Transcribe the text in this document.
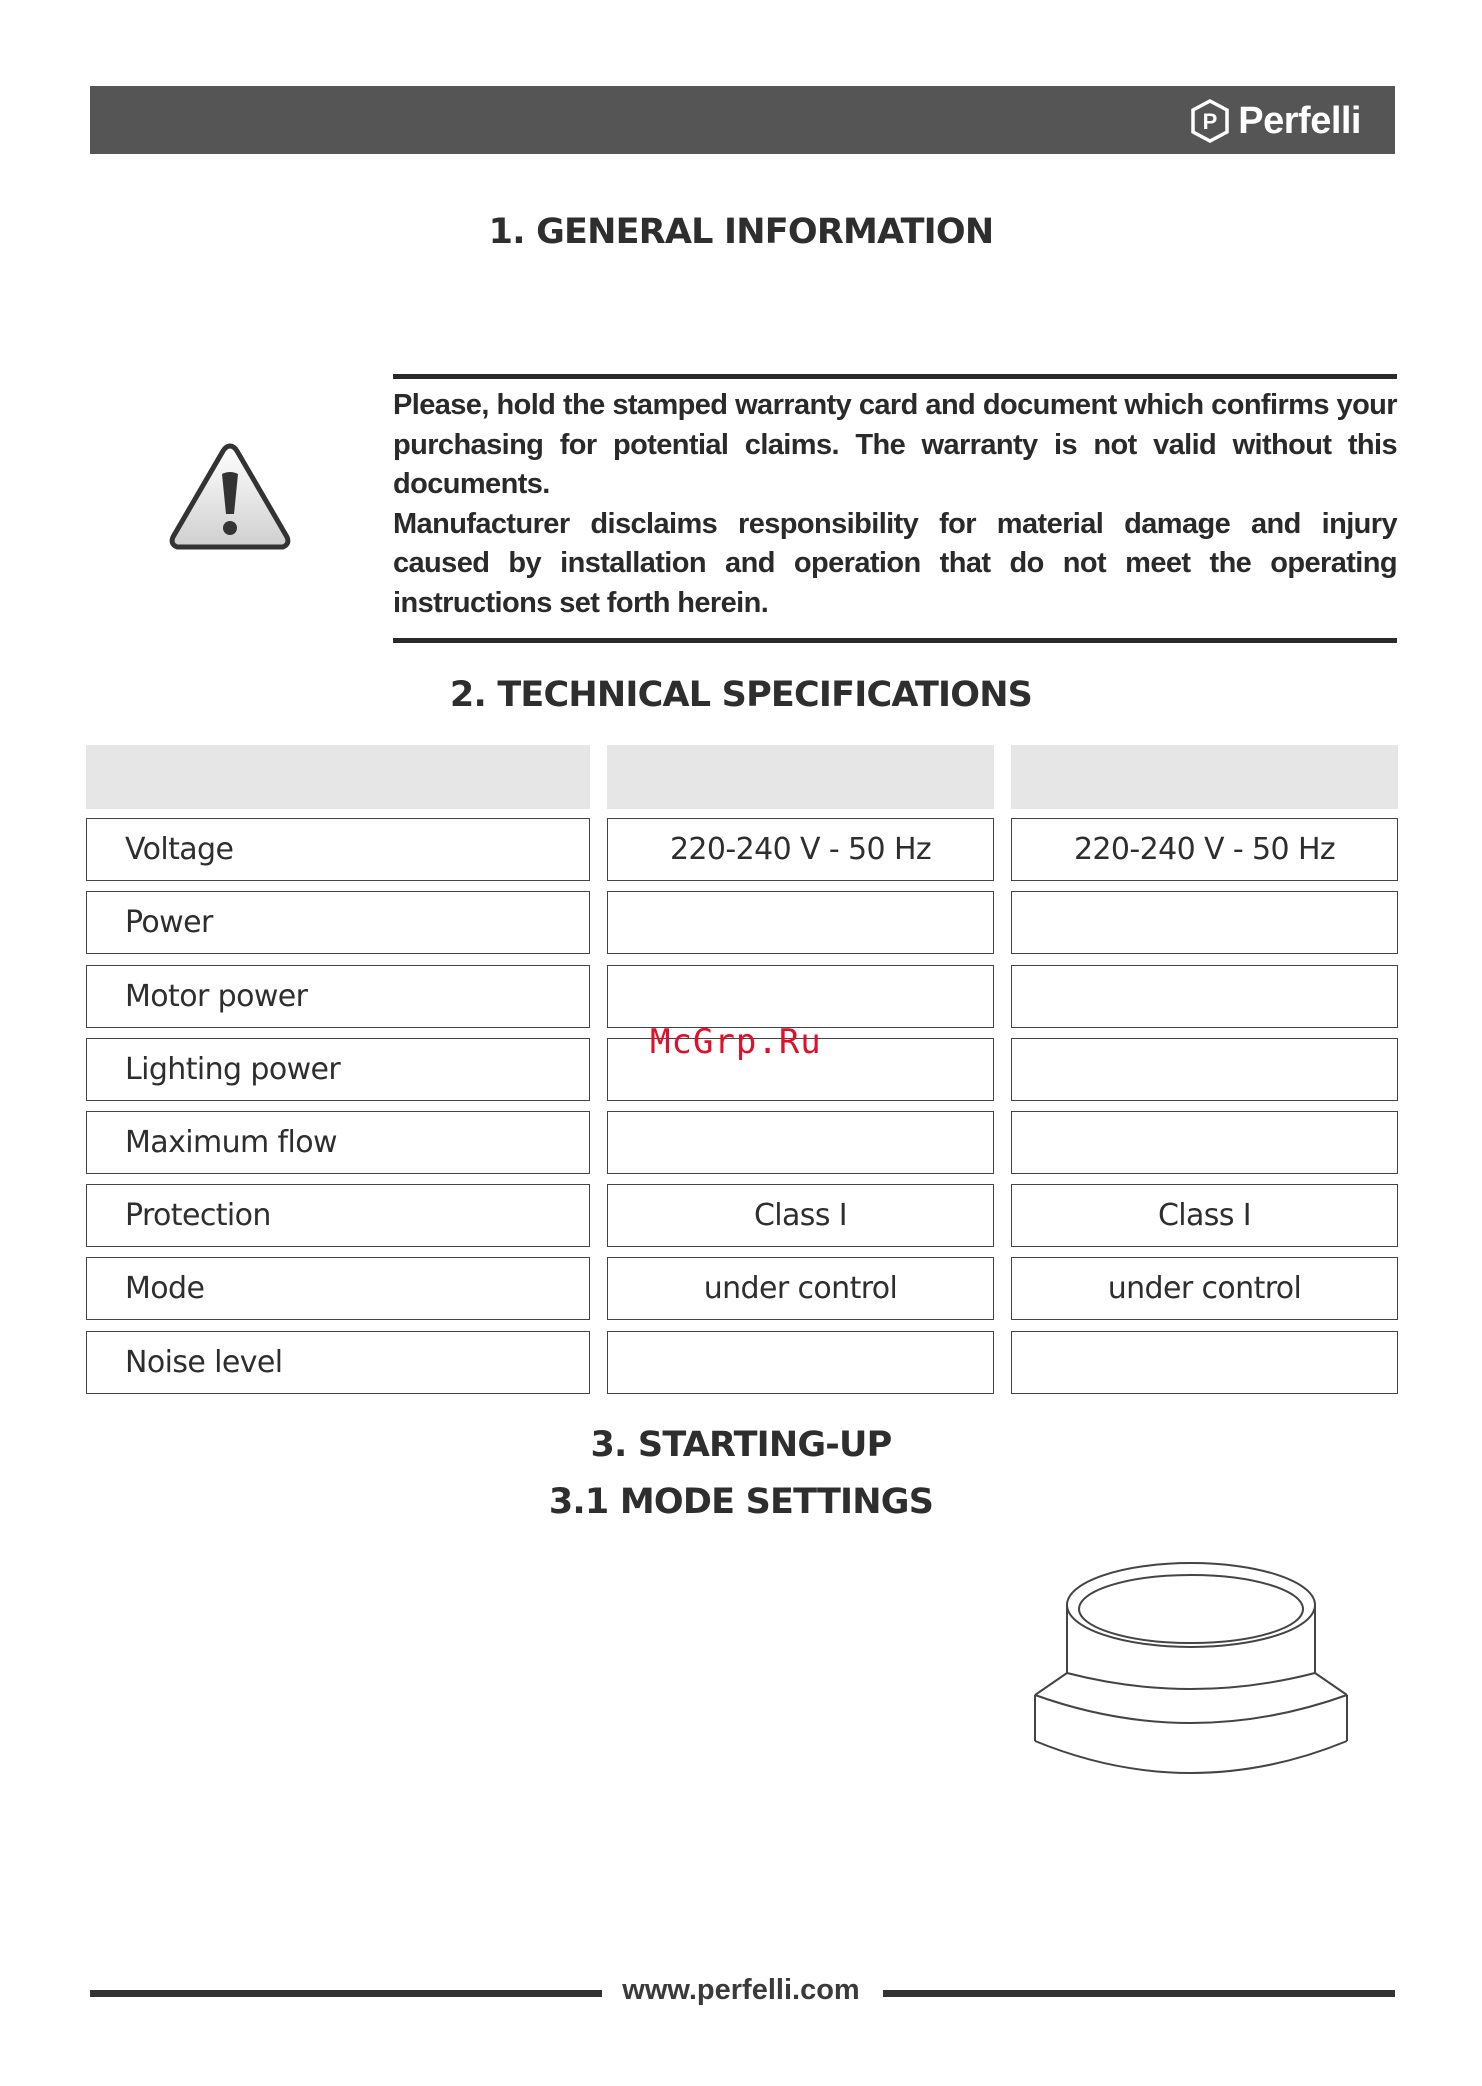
P Perfelli
1. GENERAL INFORMATION

Please, hold the stamped warranty card and document which confirms your purchasing for potential claims. The warranty is not valid without this documents.

Manufacturer disclaims responsibility for material damage and injury caused by installation and operation that do not meet the operating instructions set forth herein.

2. TECHNICAL SPECIFICATIONS
Voltage	220-240 V - 50 Hz	220-240 V - 50 Hz
Power
Motor power
Lighting power
Maximum flow
Protection	Class I	Class I
Mode	under control	under control
Noise level
McGrp.Ru
3. STARTING-UP
3.1 MODE SETTINGS
www.perfelli.com
